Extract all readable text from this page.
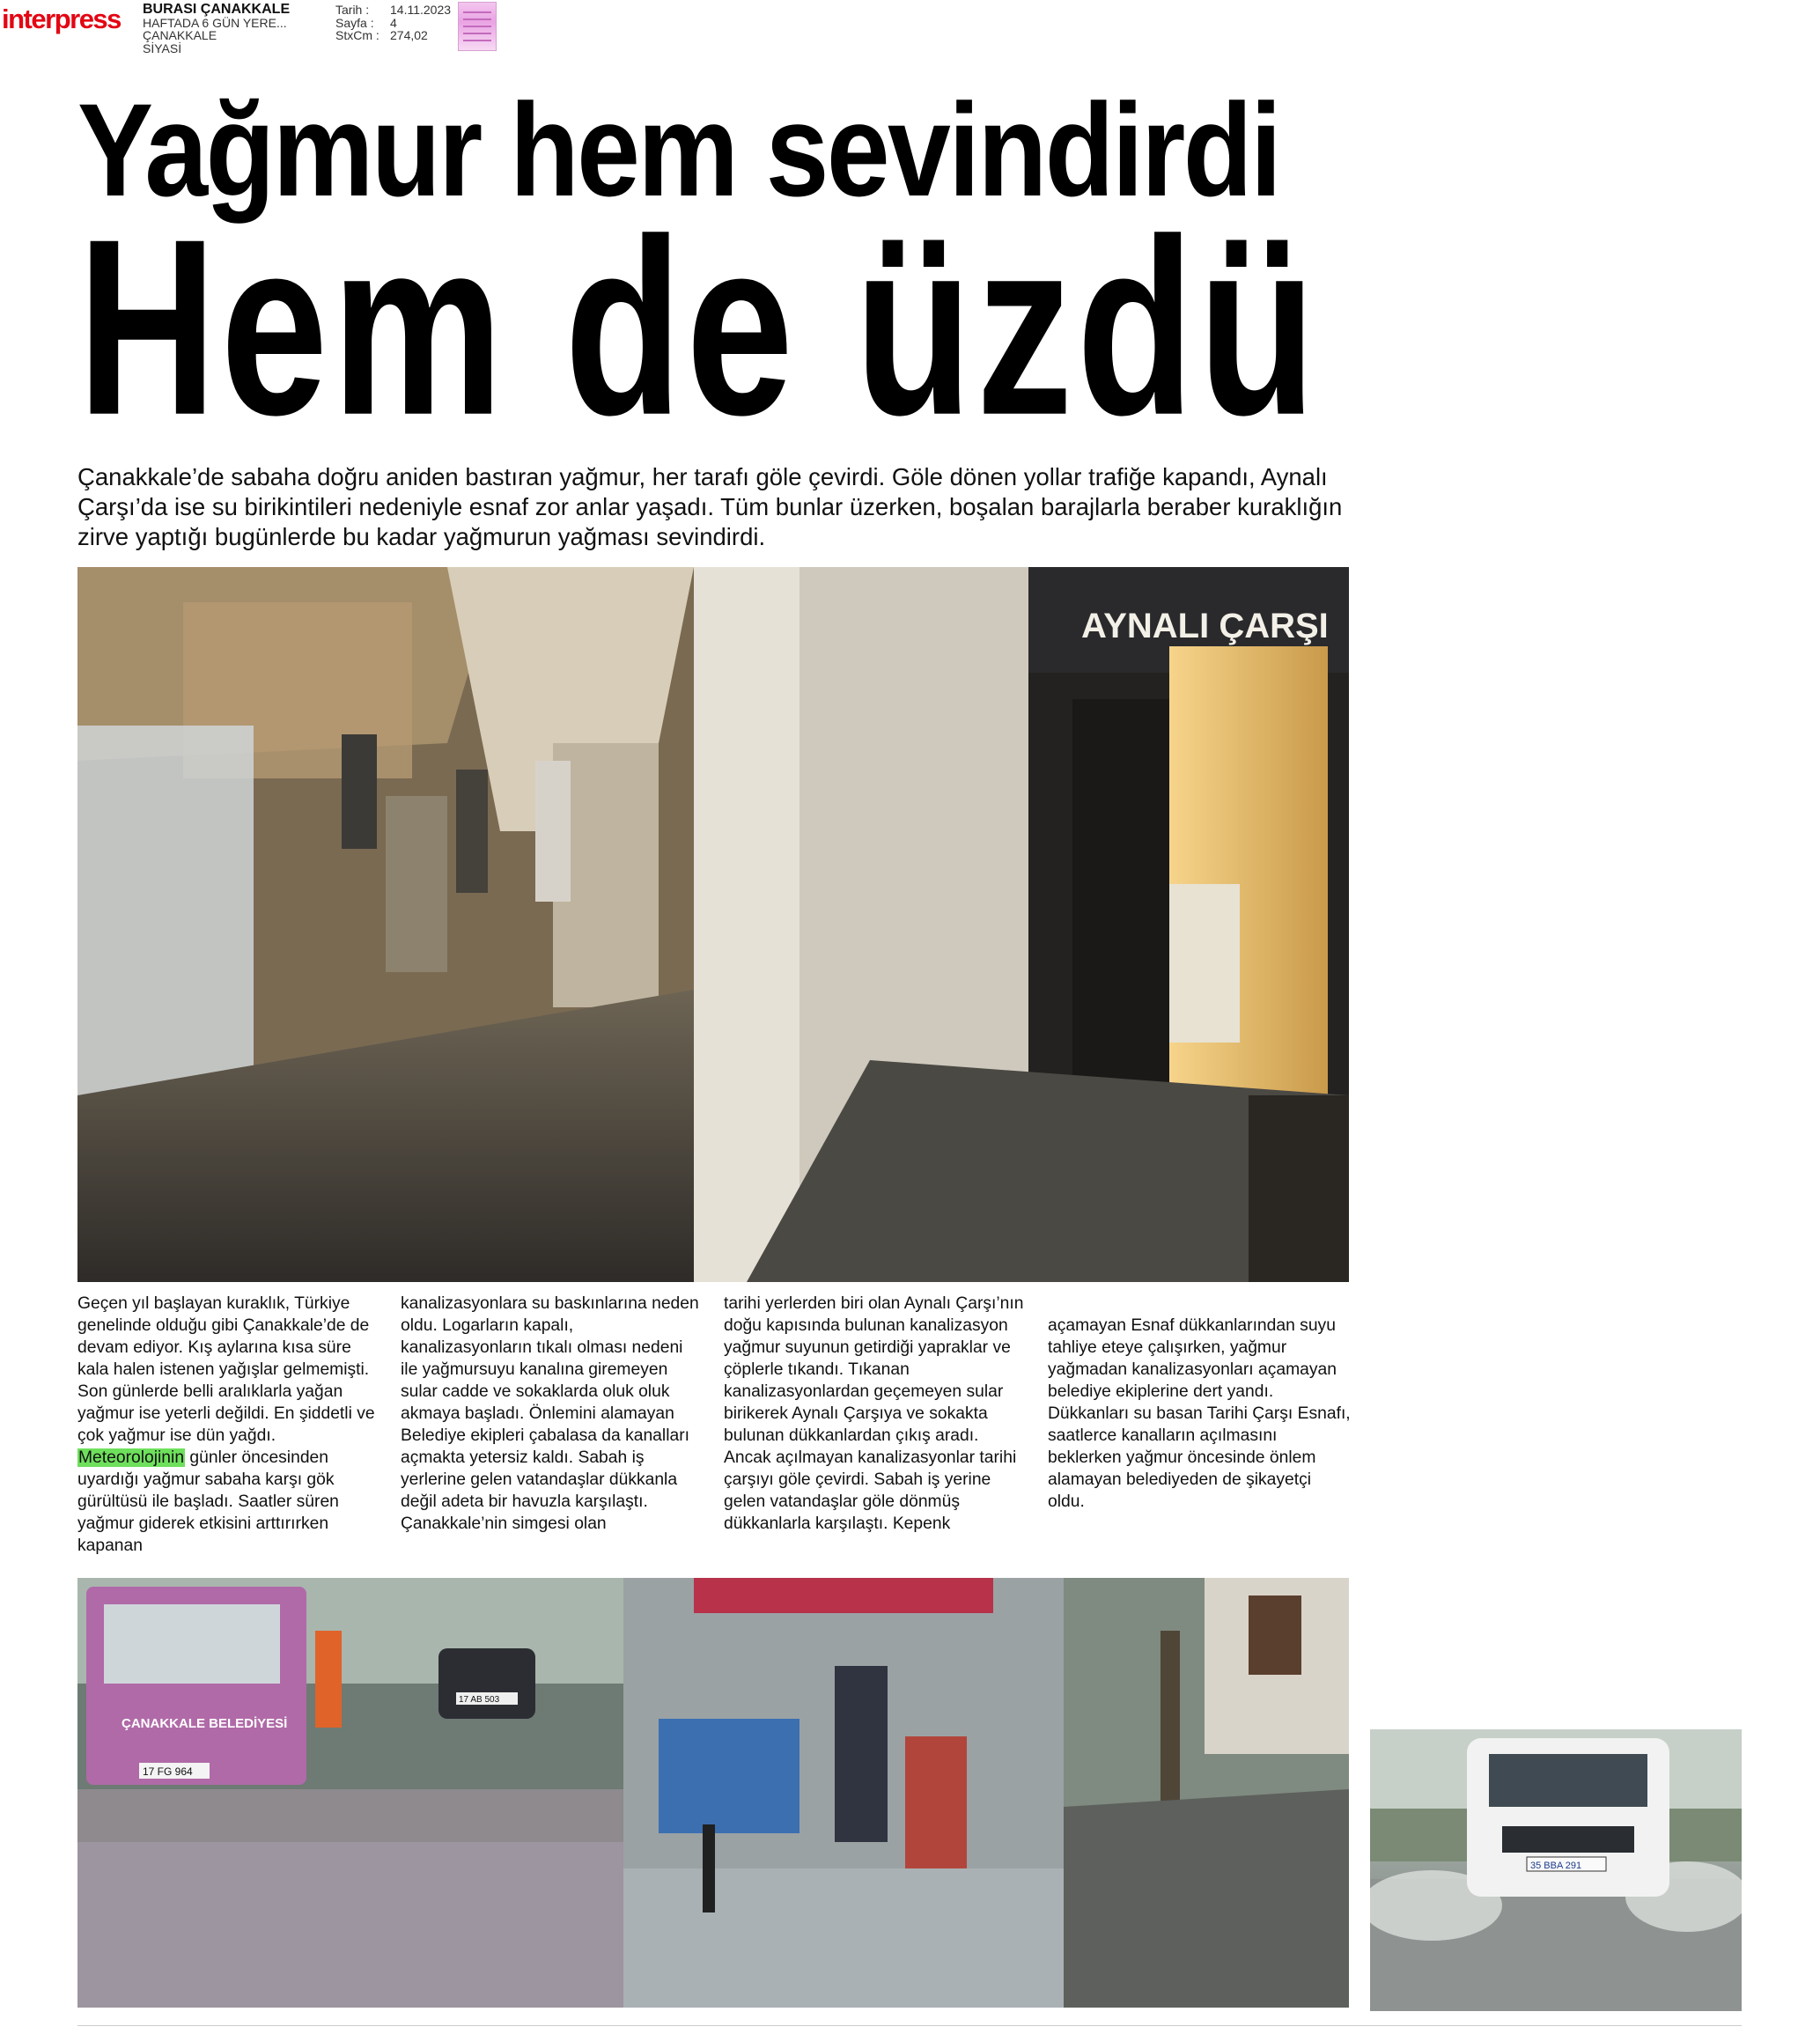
interpress BURASI ÇANAKKALE
HAFTADA 6 GÜN YERE...
ÇANAKKALE
SİYASİ
Tarih :	14.11.2023
Sayfa :	4
StxCm : 274,02
Yağmur hem sevindirdi
Hem de üzdü

Çanakkale’de sabaha doğru aniden bastıran yağmur, her tarafı göle çevirdi. Göle dönen yollar trafiğe kapandı, Aynalı Çarşı’da ise su birikintileri nedeniyle esnaf zor anlar yaşadı. Tüm bunlar üzerken, boşalan barajlarla beraber kuraklığın zirve yaptığı bugünlerde bu kadar yağmurun yağması sevindirdi.

AYNALI ÇARŞI

Geçen yıl başlayan kuraklık, Türkiye genelinde olduğu gibi Çanakkale’de de devam ediyor. Kış aylarına kısa süre kala halen istenen yağışlar gelmemişti. Son günlerde belli aralıklarla yağan yağmur ise yeterli değildi. En şiddetli ve çok yağmur ise dün yağdı. Meteorolojinin günler öncesinden uyardığı yağmur sabaha karşı gök gürültüsü ile başladı. Saatler süren yağmur giderek etkisini arttırırken kapanan

kanalizasyonlara su baskınlarına neden oldu. Logarların kapalı, kanalizasyonların tıkalı olması nedeni ile yağmursuyu kanalına giremeyen sular cadde ve sokaklarda oluk oluk akmaya başladı. Önlemini alamayan Belediye ekipleri çabalasa da kanalları açmakta yetersiz kaldı. Sabah iş yerlerine gelen vatandaşlar dükkanla değil adeta bir havuzla karşılaştı.
Çanakkale’nin simgesi olan

tarihi yerlerden biri olan Aynalı Çarşı’nın doğu kapısında bulunan kanalizasyon yağmur suyunun getirdiği yapraklar ve çöplerle tıkandı. Tıkanan kanalizasyonlardan geçemeyen sular birikerek Aynalı Çarşıya ve sokakta bulunan dükkanlardan çıkış aradı. Ancak açılmayan kanalizasyonlar tarihi çarşıyı göle çevirdi. Sabah iş yerine gelen vatandaşlar göle dönmüş dükkanlarla karşılaştı. Kepenk

açamayan Esnaf dükkanlarından suyu tahliye eteye çalışırken, yağmur yağmadan kanalizasyonları açamayan belediye ekiplerine dert yandı. Dükkanları su basan Tarihi Çarşı Esnafı, saatlerce kanalların açılmasını beklerken yağmur öncesinde önlem alamayan belediyeden de şikayetçi oldu.

ÇANAKKALE BELEDİYESİ
17 FG 964
17 AB 503
35 BBA 291
